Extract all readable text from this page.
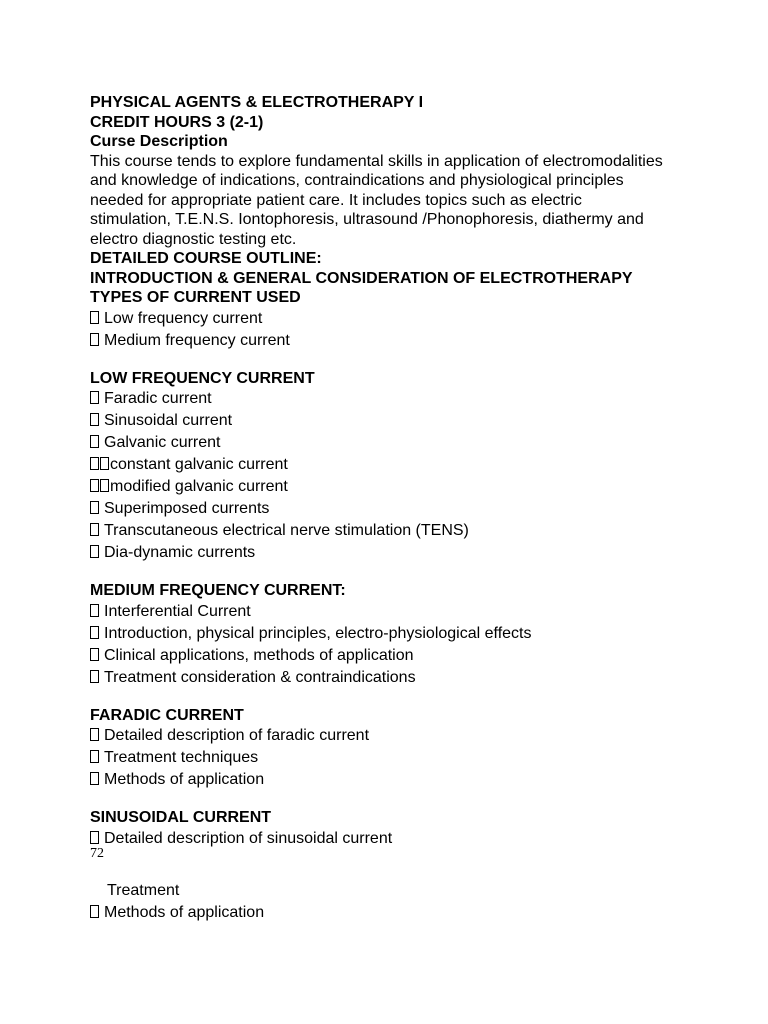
PHYSICAL AGENTS & ELECTROTHERAPY I
CREDIT HOURS 3 (2-1)
Curse Description
This course tends to explore fundamental skills in application of electromodalities
and knowledge of indications, contraindications and physiological principles
needed for appropriate patient care. It includes topics such as electric
stimulation, T.E.N.S. Iontophoresis, ultrasound /Phonophoresis, diathermy and
electro diagnostic testing etc.
DETAILED COURSE OUTLINE:
INTRODUCTION & GENERAL CONSIDERATION OF ELECTROTHERAPY
TYPES OF CURRENT USED
Low frequency current
Medium frequency current
LOW FREQUENCY CURRENT
Faradic current
Sinusoidal current
Galvanic current
constant galvanic current
modified galvanic current
Superimposed currents
Transcutaneous electrical nerve stimulation (TENS)
Dia-dynamic currents
MEDIUM FREQUENCY CURRENT:
Interferential Current
Introduction, physical principles, electro-physiological effects
Clinical applications, methods of application
Treatment consideration & contraindications
FARADIC CURRENT
Detailed description of faradic current
Treatment techniques
Methods of application
SINUSOIDAL CURRENT
Detailed description of sinusoidal current
72
Treatment
Methods of application
